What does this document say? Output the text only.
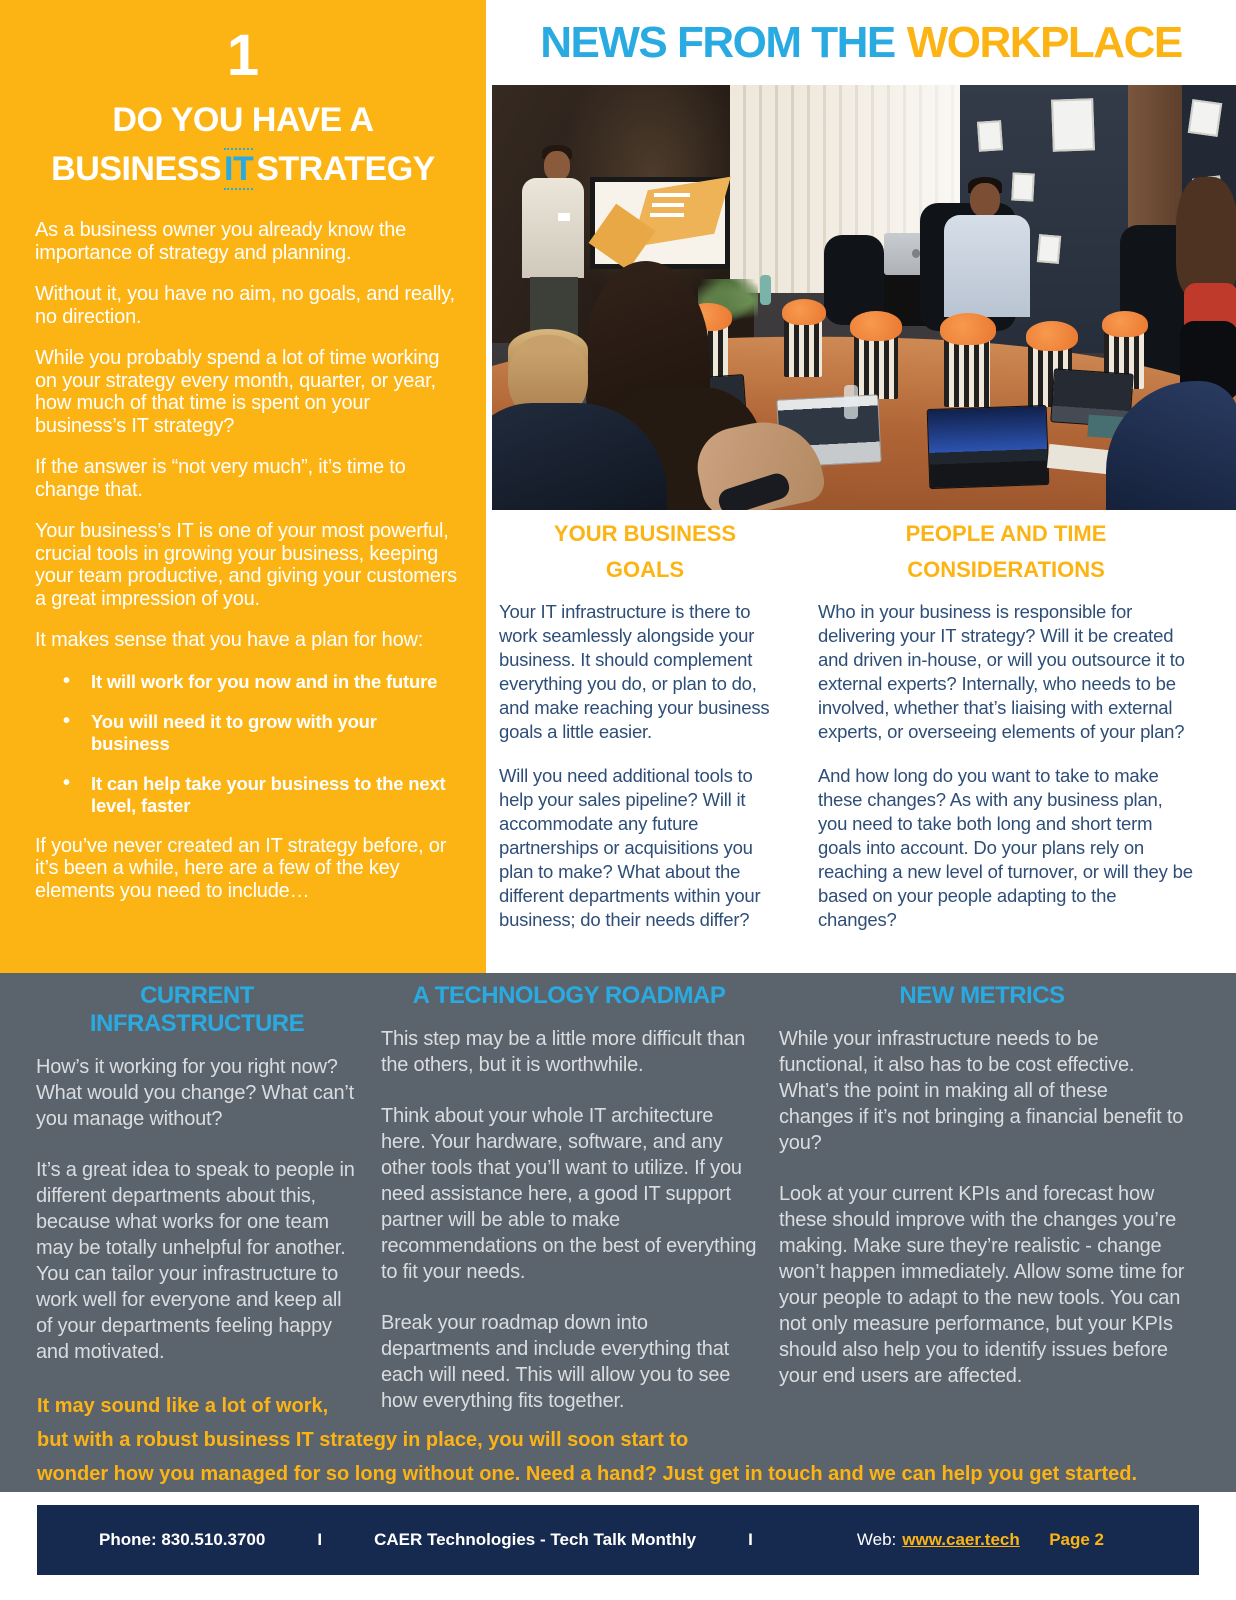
1
DO YOU HAVE A
BUSINESSITSTRATEGY

As a business owner you already know the importance of strategy and planning.

Without it, you have no aim, no goals, and really, no direction.

While you probably spend a lot of time working on your strategy every month, quarter, or year, how much of that time is spent on your business’s IT strategy?

If the answer is “not very much”, it’s time to change that.

Your business’s IT is one of your most powerful, crucial tools in growing your business, keeping your team productive, and giving your customers a great impression of you.

It makes sense that you have a plan for how:

• It will work for you now and in the future
• You will need it to grow with your business
• It can help take your business to the next level, faster

If you’ve never created an IT strategy before, or it’s been a while, here are a few of the key elements you need to include…

NEWS FROM THE WORKPLACE
YOUR BUSINESS
GOALS

Your IT infrastructure is there to work seamlessly alongside your business. It should complement everything you do, or plan to do, and make reaching your business goals a little easier.

Will you need additional tools to help your sales pipeline? Will it accommodate any future partnerships or acquisitions you plan to make? What about the different departments within your business; do their needs differ?

PEOPLE AND TIME
CONSIDERATIONS

Who in your business is responsible for delivering your IT strategy? Will it be created and driven in-house, or will you outsource it to external experts? Internally, who needs to be involved, whether that’s liaising with external experts, or overseeing elements of your plan?

And how long do you want to take to make these changes? As with any business plan, you need to take both long and short term goals into account. Do your plans rely on reaching a new level of turnover, or will they be based on your people adapting to the changes?

CURRENT INFRASTRUCTURE

How’s it working for you right now? What would you change? What can’t you manage without?

It’s a great idea to speak to people in different departments about this, because what works for one team may be totally unhelpful for another. You can tailor your infrastructure to work well for everyone and keep all of your departments feeling happy and motivated.

A TECHNOLOGY ROADMAP

This step may be a little more difficult than the others, but it is worthwhile.

Think about your whole IT architecture here. Your hardware, software, and any other tools that you’ll want to utilize. If you need assistance here, a good IT support partner will be able to make recommendations on the best of everything to fit your needs.

Break your roadmap down into departments and include everything that each will need. This will allow you to see how everything fits together.

NEW METRICS

While your infrastructure needs to be functional, it also has to be cost effective. What’s the point in making all of these changes if it’s not bringing a financial benefit to you?

Look at your current KPIs and forecast how these should improve with the changes you’re making. Make sure they’re realistic - change won’t happen immediately. Allow some time for your people to adapt to the new tools. You can not only measure performance, but your KPIs should also help you to identify issues before your end users are affected.

It may sound like a lot of work,
but with a robust business IT strategy in place, you will soon start to
wonder how you managed for so long without one. Need a hand? Just get in touch and we can help you get started.
Phone: 830.510.3700	I	CAER Technologies - Tech Talk Monthly	I	Web: www.caer.tech Page 2
